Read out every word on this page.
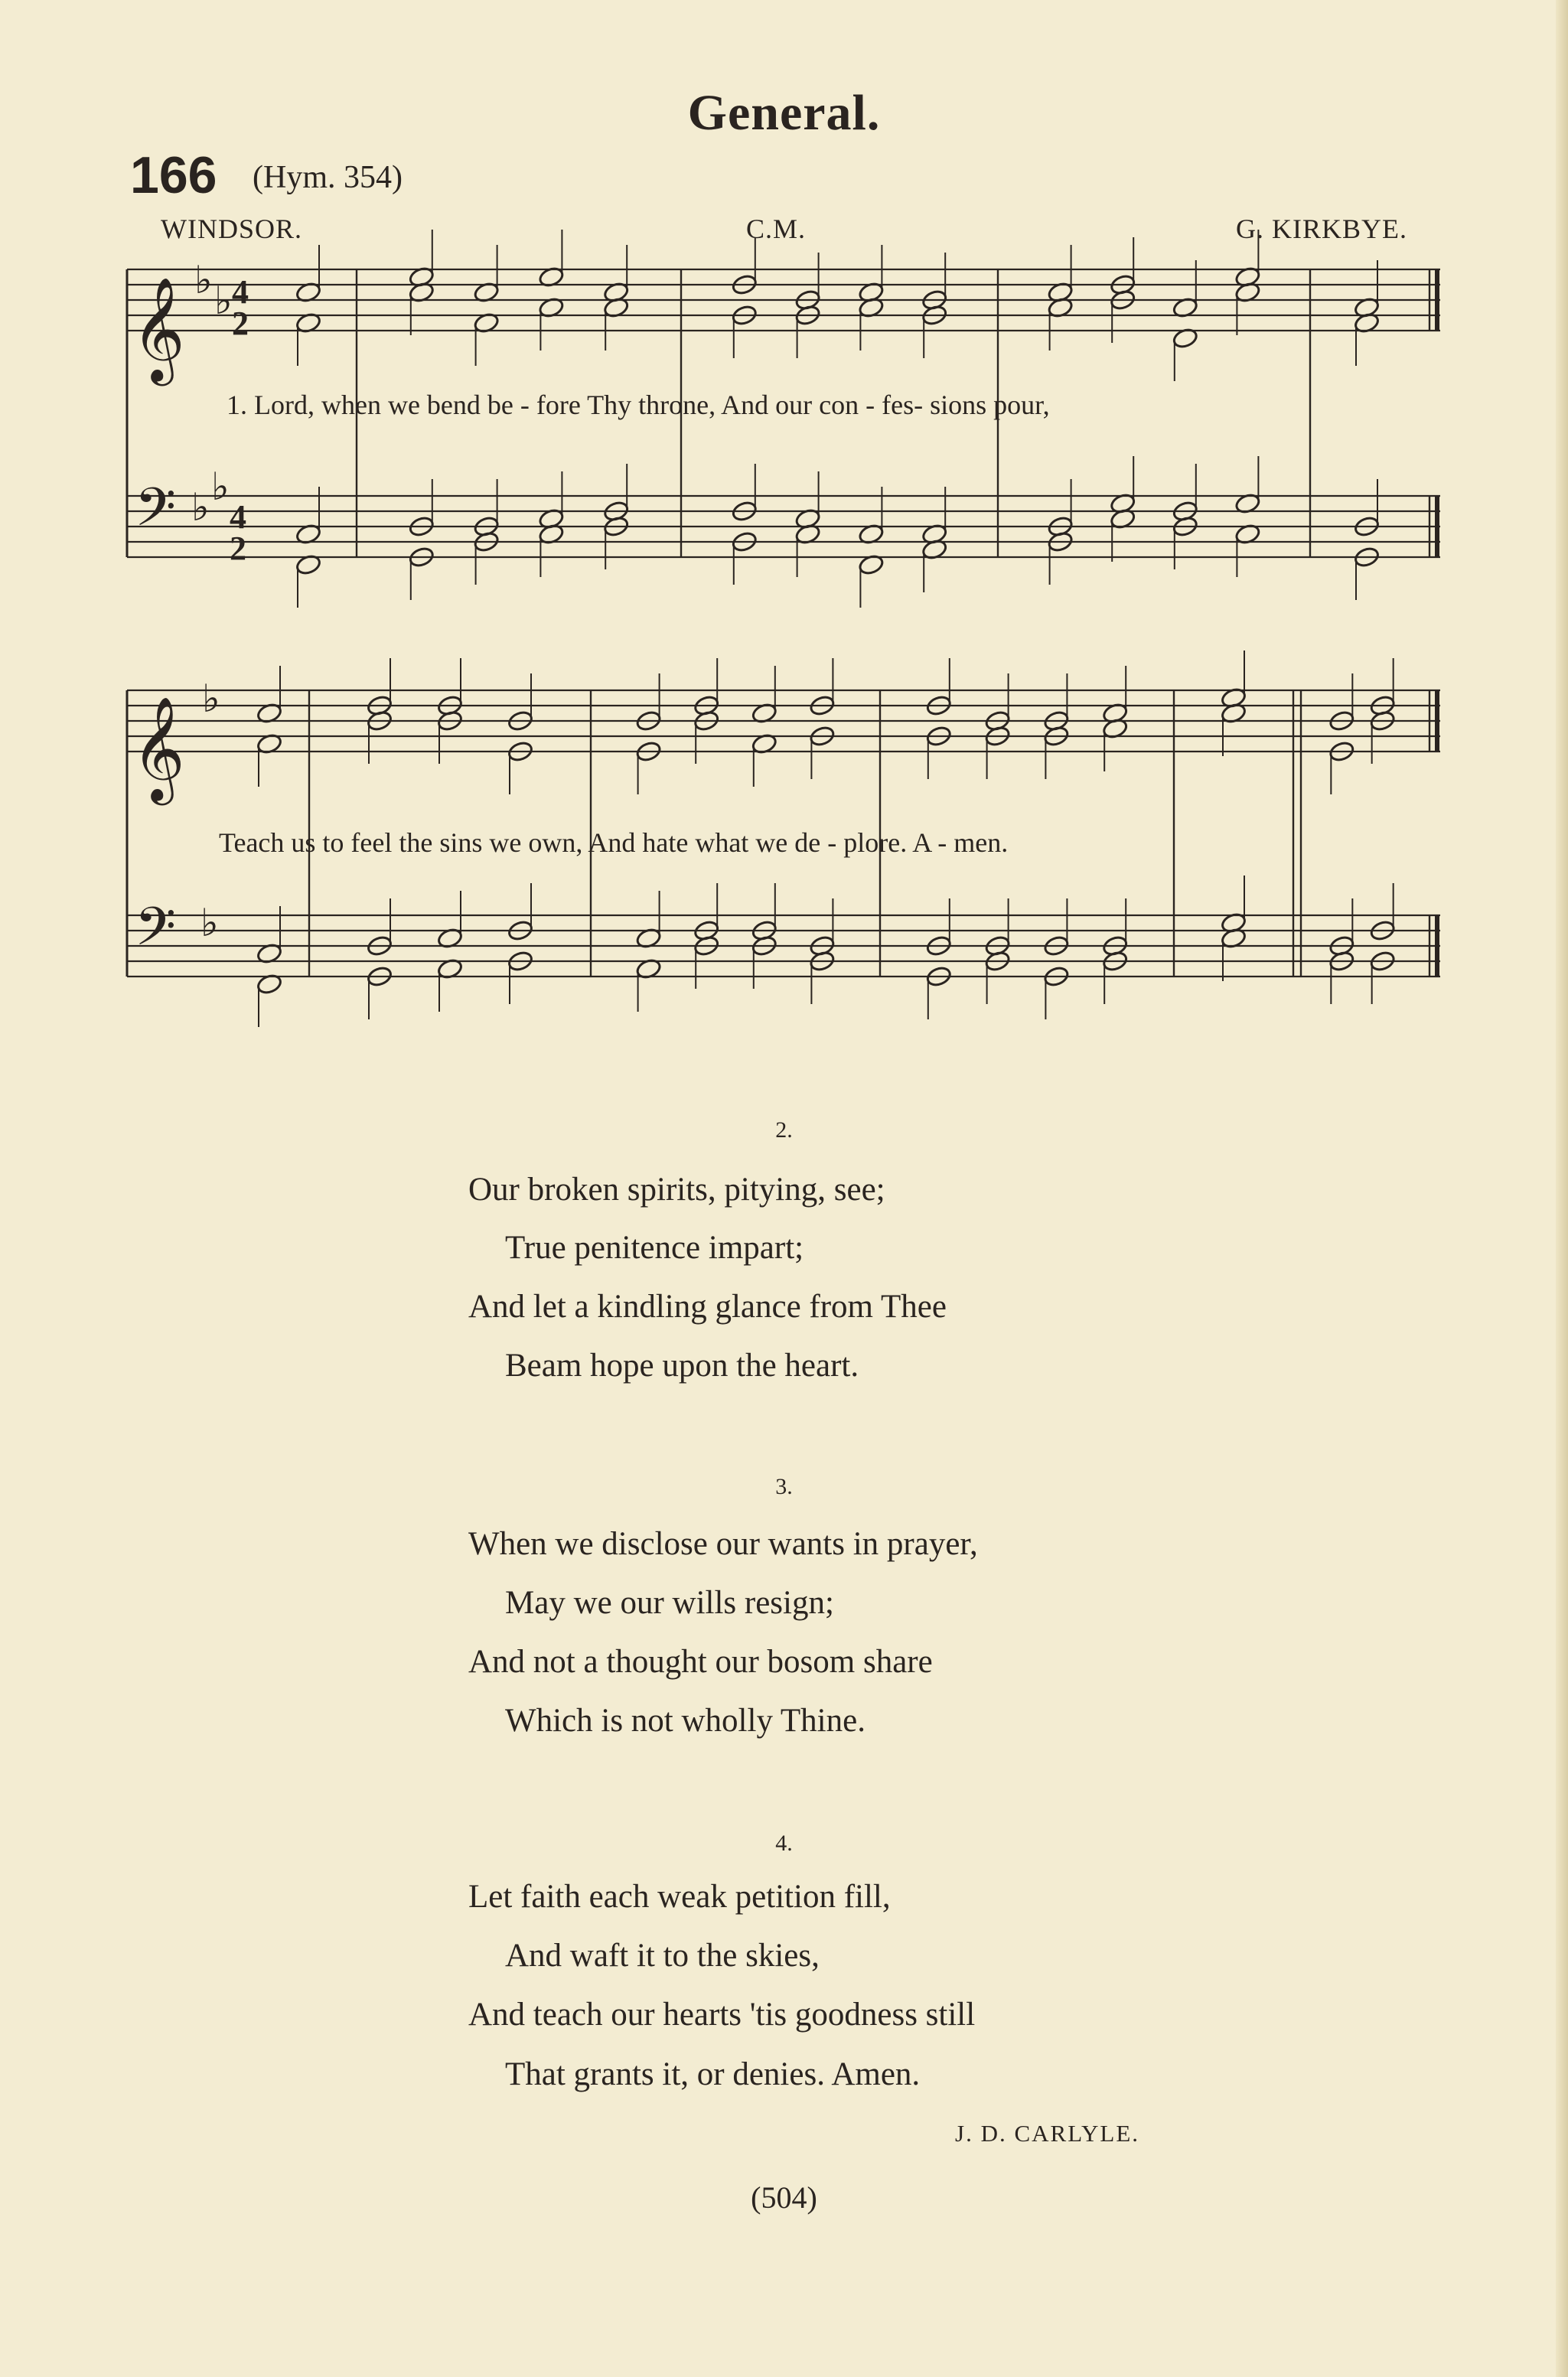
General.
166 (Hym. 354)
WINDSOR.	C.M.	G. KIRKBYE.
𝄞
𝄢
𝄞
𝄢
♭ ♭
♭ ♭
♭
♭
4
2
4
2
1. Lord, when we bend be - fore Thy throne, And our con - fes- sions pour,
Teach us to feel the sins we own, And hate what we de - plore. A - men.
2.
Our broken spirits, pitying, see;
True penitence impart;
And let a kindling glance from Thee
Beam hope upon the heart.
3.
When we disclose our wants in prayer,
May we our wills resign;
And not a thought our bosom share
Which is not wholly Thine.
4.
Let faith each weak petition fill,
And waft it to the skies,
And teach our hearts 'tis goodness still
That grants it, or denies. Amen.
J. D. CARLYLE.
(504)
